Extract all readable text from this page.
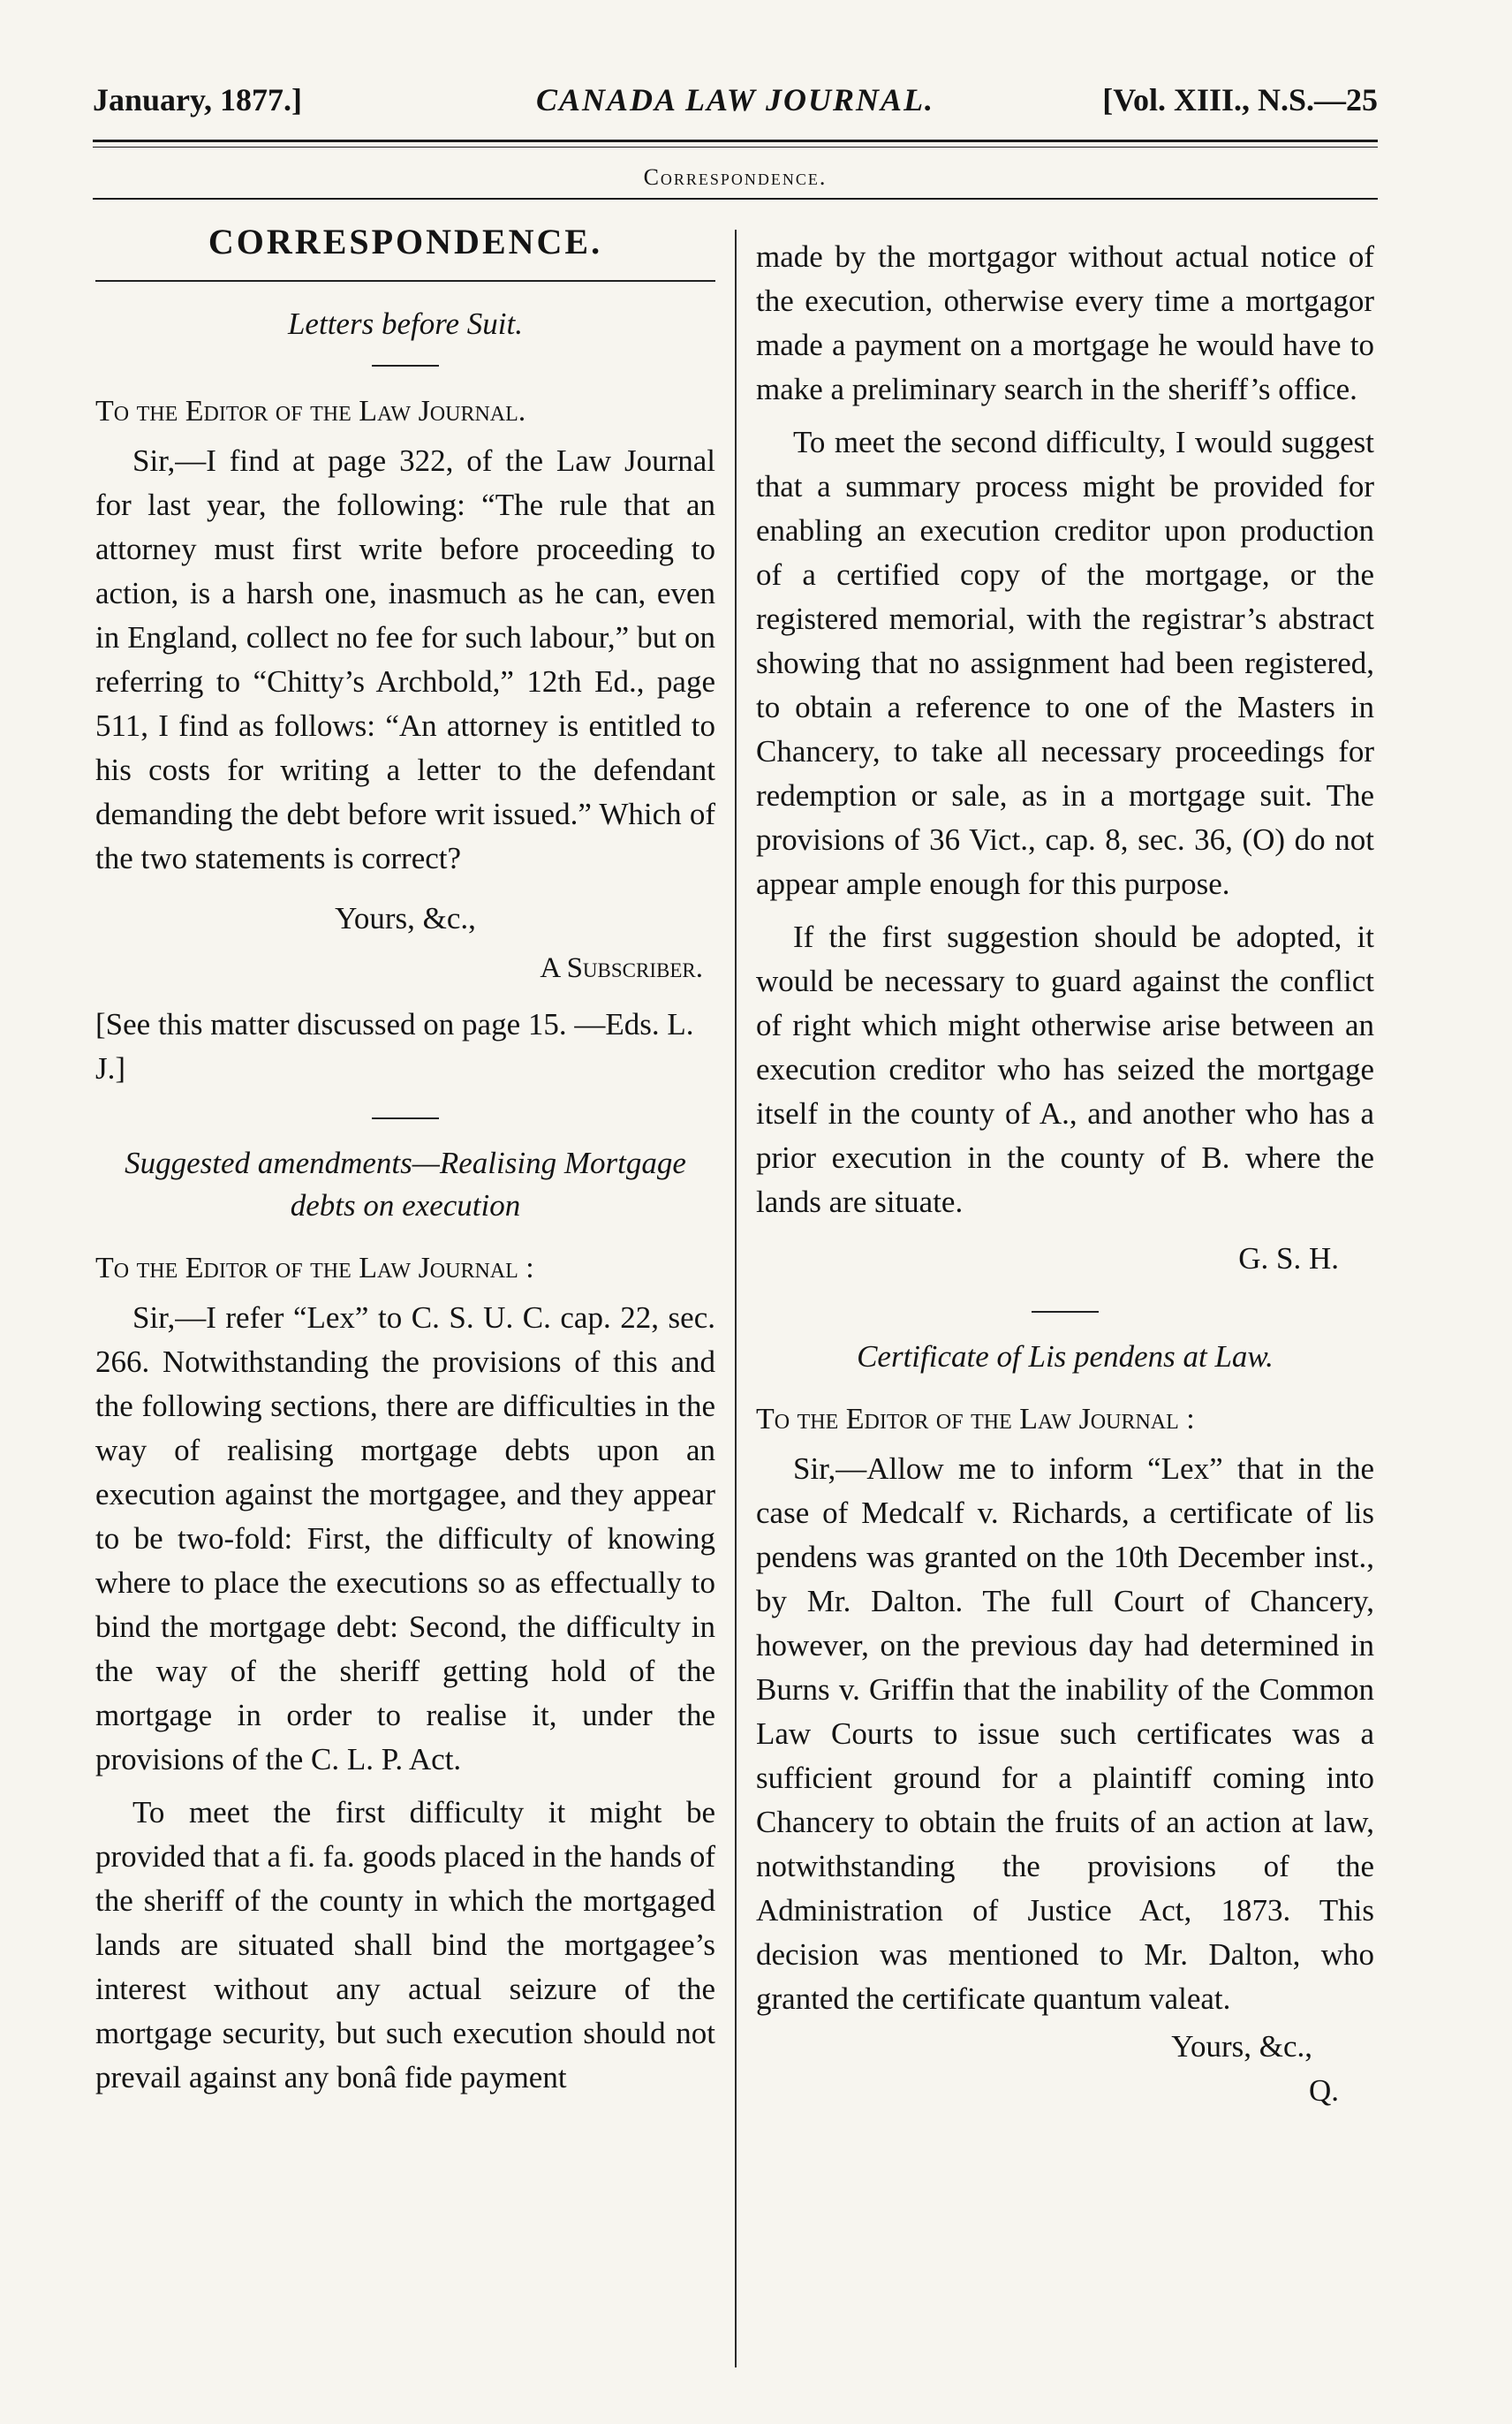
January, 1877.]	CANADA LAW JOURNAL.	[Vol. XIII., N.S.—25
Correspondence.
CORRESPONDENCE.
Letters before Suit.
To the Editor of the Law Journal.

Sir,—I find at page 322, of the Law Journal for last year, the following: “The rule that an attorney must first write before proceeding to action, is a harsh one, inasmuch as he can, even in England, collect no fee for such labour,” but on referring to “Chitty’s Archbold,” 12th Ed., page 511, I find as follows: “An attorney is entitled to his costs for writing a letter to the defendant demanding the debt before writ issued.” Which of the two statements is correct?

Yours, &c.,
A Subscriber.

[See this matter discussed on page 15. —Eds. L. J.]

Suggested amendments—Realising Mortgage debts on execution
To the Editor of the Law Journal :

Sir,—I refer “Lex” to C. S. U. C. cap. 22, sec. 266. Notwithstanding the provisions of this and the following sections, there are difficulties in the way of realising mortgage debts upon an execution against the mortgagee, and they appear to be two-fold: First, the difficulty of knowing where to place the executions so as effectually to bind the mortgage debt: Second, the difficulty in the way of the sheriff getting hold of the mortgage in order to realise it, under the provisions of the C. L. P. Act.

To meet the first difficulty it might be provided that a fi. fa. goods placed in the hands of the sheriff of the county in which the mortgaged lands are situated shall bind the mortgagee’s interest without any actual seizure of the mortgage security, but such execution should not prevail against any bonâ fide payment

made by the mortgagor without actual notice of the execution, otherwise every time a mortgagor made a payment on a mortgage he would have to make a preliminary search in the sheriff’s office.

To meet the second difficulty, I would suggest that a summary process might be provided for enabling an execution creditor upon production of a certified copy of the mortgage, or the registered memorial, with the registrar’s abstract showing that no assignment had been registered, to obtain a reference to one of the Masters in Chancery, to take all necessary proceedings for redemption or sale, as in a mortgage suit. The provisions of 36 Vict., cap. 8, sec. 36, (O) do not appear ample enough for this purpose.

If the first suggestion should be adopted, it would be necessary to guard against the conflict of right which might otherwise arise between an execution creditor who has seized the mortgage itself in the county of A., and another who has a prior execution in the county of B. where the lands are situate.

G. S. H.
Certificate of Lis pendens at Law.
To the Editor of the Law Journal :

Sir,—Allow me to inform “Lex” that in the case of Medcalf v. Richards, a certificate of lis pendens was granted on the 10th December inst., by Mr. Dalton. The full Court of Chancery, however, on the previous day had determined in Burns v. Griffin that the inability of the Common Law Courts to issue such certificates was a sufficient ground for a plaintiff coming into Chancery to obtain the fruits of an action at law, notwithstanding the provisions of the Administration of Justice Act, 1873. This decision was mentioned to Mr. Dalton, who granted the certificate quantum valeat.

Yours, &c.,
Q.
